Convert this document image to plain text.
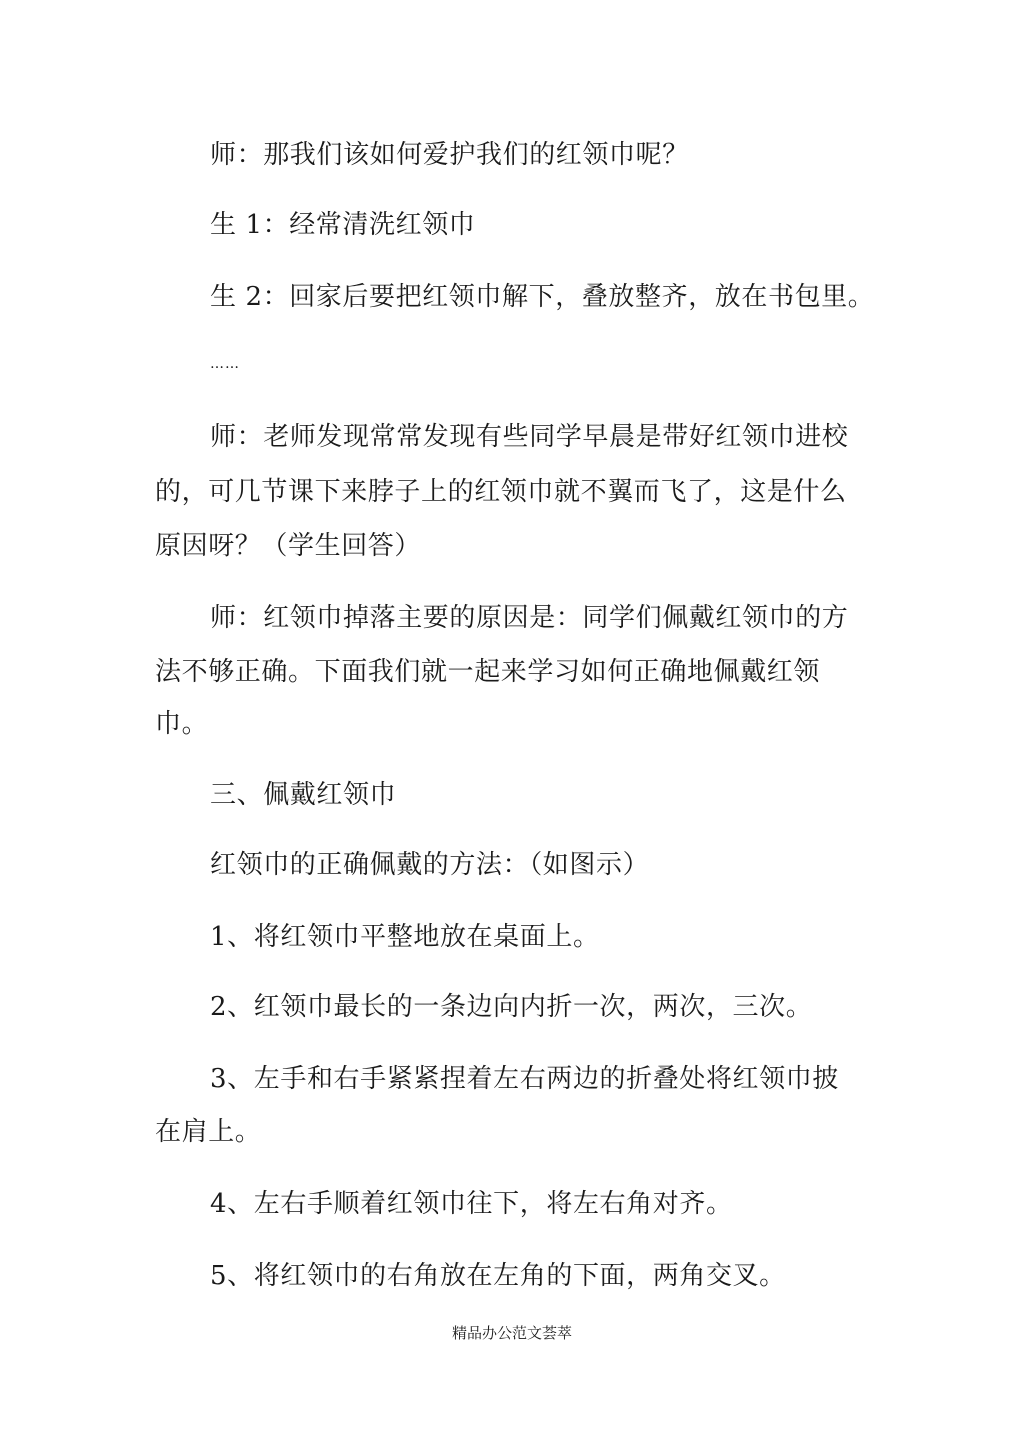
师：那我们该如何爱护我们的红领巾呢？
生 1：经常清洗红领巾
生 2：回家后要把红领巾解下，叠放整齐，放在书包里。
……
师：老师发现常常发现有些同学早晨是带好红领巾进校
的，可几节课下来脖子上的红领巾就不翼而飞了，这是什么
原因呀？（学生回答）
师：红领巾掉落主要的原因是：同学们佩戴红领巾的方
法不够正确。下面我们就一起来学习如何正确地佩戴红领
巾。
三、佩戴红领巾
红领巾的正确佩戴的方法：（如图示）
1、将红领巾平整地放在桌面上。
2、红领巾最长的一条边向内折一次，两次，三次。
3、左手和右手紧紧捏着左右两边的折叠处将红领巾披
在肩上。
4、左右手顺着红领巾往下，将左右角对齐。
5、将红领巾的右角放在左角的下面，两角交叉。
精品办公范文荟萃
